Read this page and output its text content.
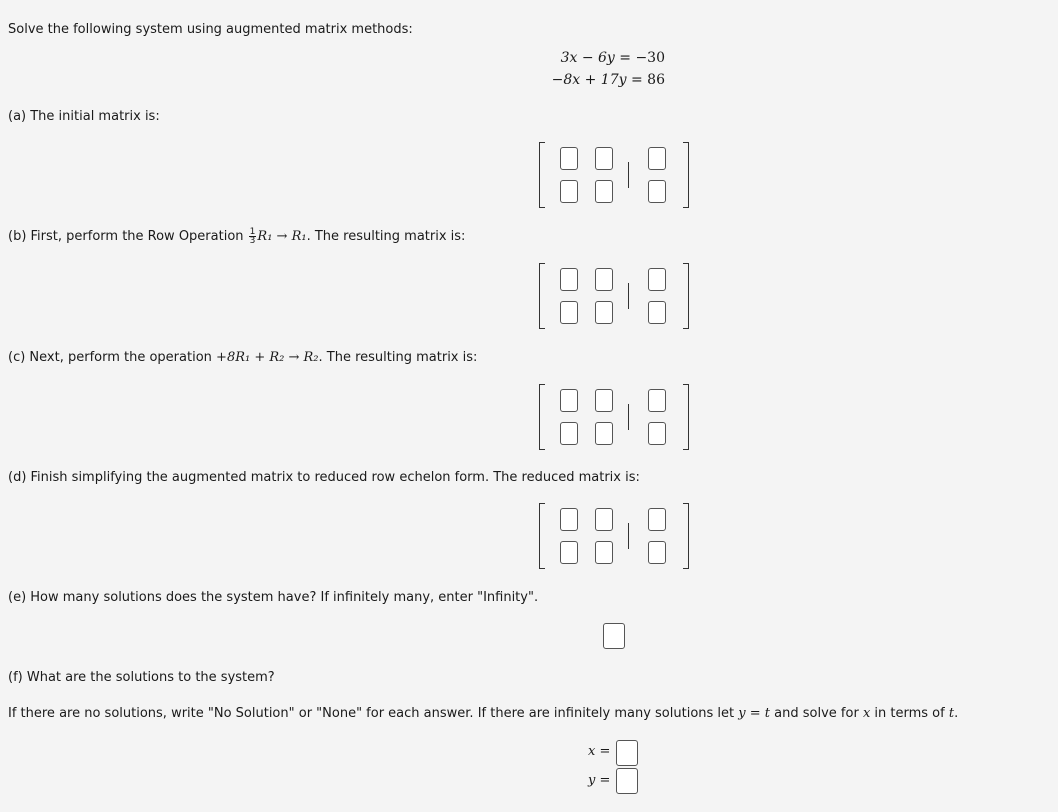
Solve the following system using augmented matrix methods:
3x − 6y = −30
−8x + 17y = 86
(a) The initial matrix is:
(b) First, perform the Row Operation $\frac{1}{3} R_1 \to R_1$. The resulting matrix is:
(c) Next, perform the operation +8R₁ + R₂ → R₂. The resulting matrix is:
(d) Finish simplifying the augmented matrix to reduced row echelon form. The reduced matrix is:
(e) How many solutions does the system have? If infinitely many, enter "Infinity".
(f) What are the solutions to the system?
If there are no solutions, write "No Solution" or "None" for each answer. If there are infinitely many solutions let y = t and solve for x in terms of t.
x =
y =
